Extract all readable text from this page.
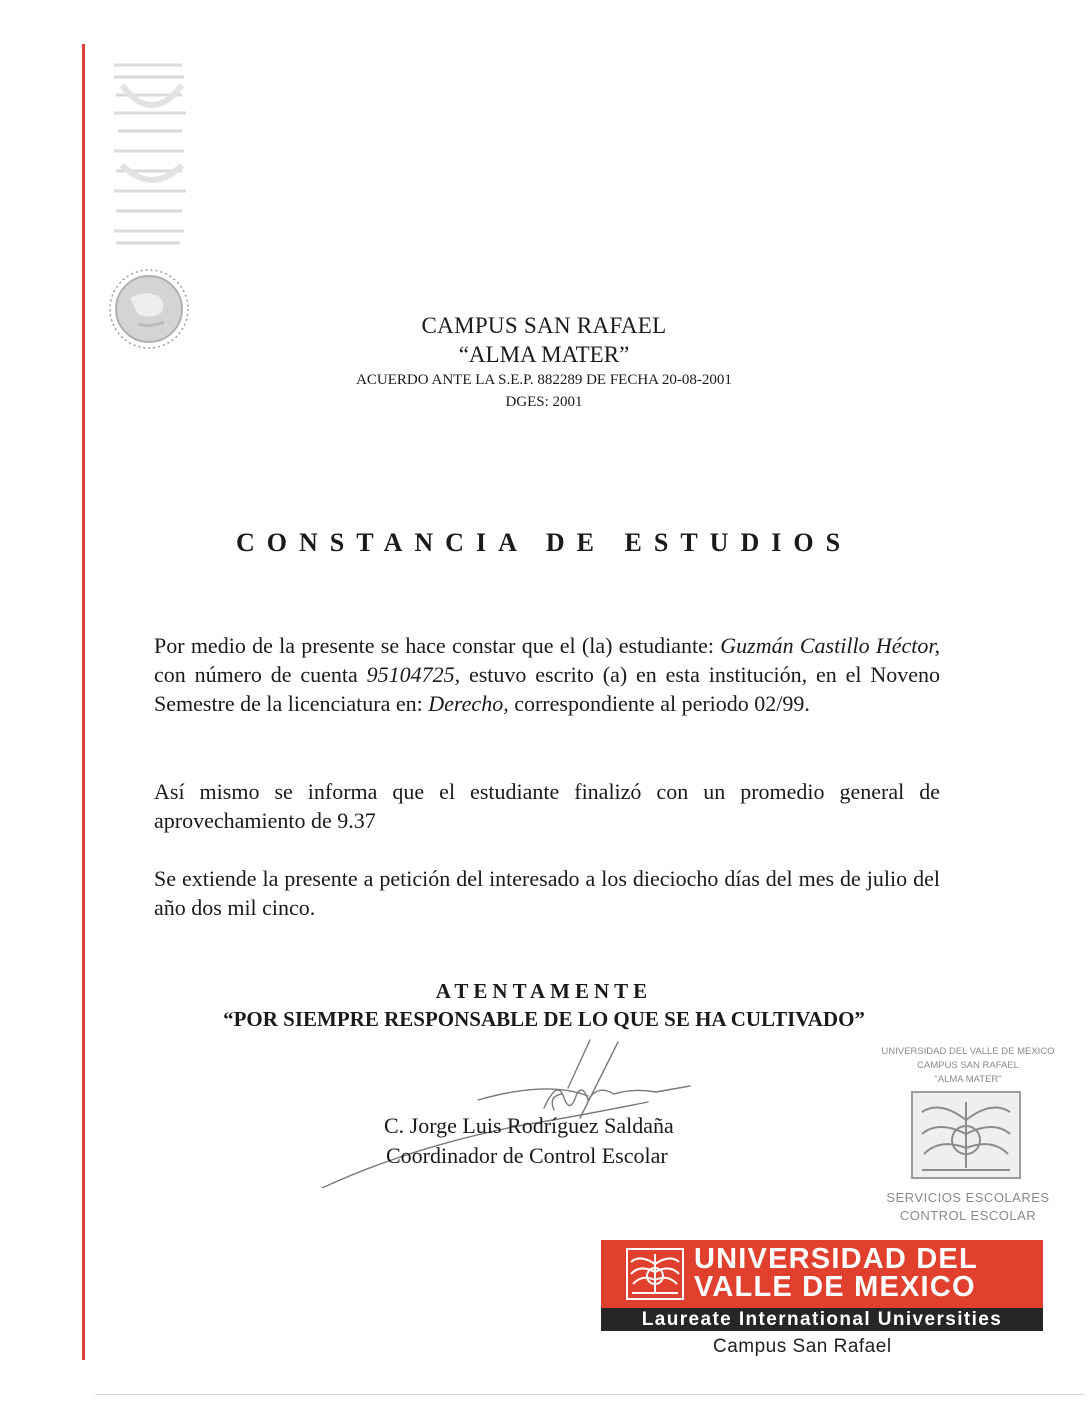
CAMPUS SAN RAFAEL
“ALMA MATER”
ACUERDO ANTE LA S.E.P. 882289 DE FECHA 20-08-2001
DGES: 2001
CONSTANCIA DE ESTUDIOS
Por medio de la presente se hace constar que el (la) estudiante: Guzmán Castillo Héctor, con número de cuenta 95104725, estuvo escrito (a) en esta institución, en el Noveno Semestre de la licenciatura en: Derecho, correspondiente al periodo 02/99.
Así mismo se informa que el estudiante finalizó con un promedio general de aprovechamiento de 9.37
Se extiende la presente a petición del interesado a los dieciocho días del mes de julio del año dos mil cinco.
ATENTAMENTE
“POR SIEMPRE RESPONSABLE DE LO QUE SE HA CULTIVADO”
C. Jorge Luis Rodríguez Saldaña
Coordinador de Control Escolar
UNIVERSIDAD DEL VALLE DE MEXICO
CAMPUS SAN RAFAEL
"ALMA MATER"
SERVICIOS ESCOLARES
CONTROL ESCOLAR
UNIVERSIDAD DEL
VALLE DE MEXICO
Laureate International Universities
Campus San Rafael
